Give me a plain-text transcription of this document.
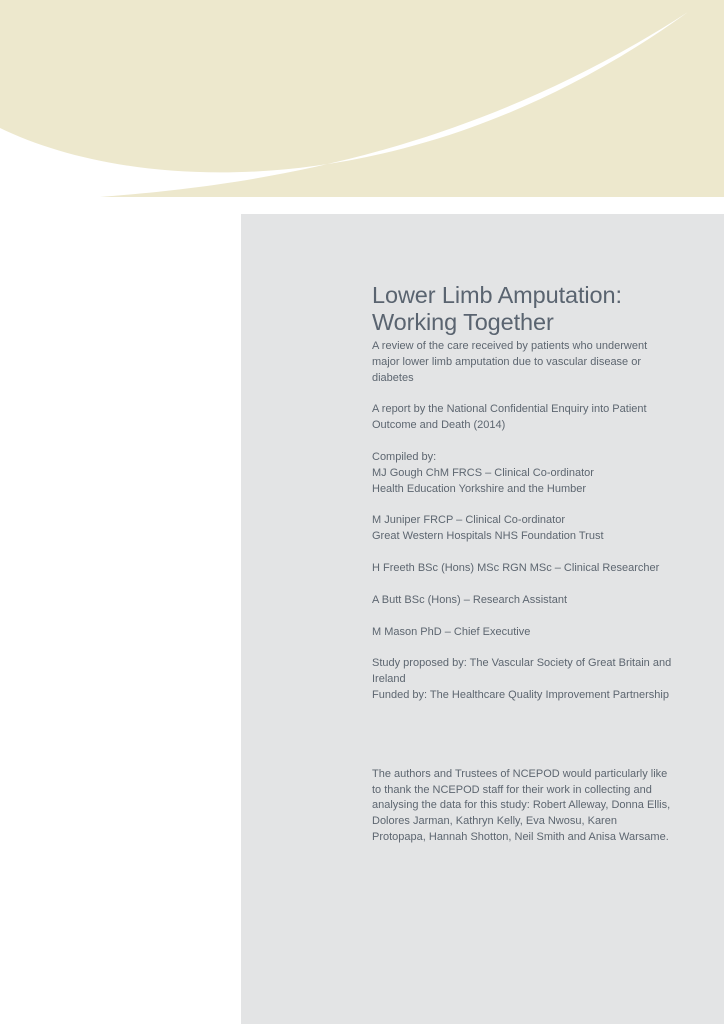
Lower Limb Amputation:
Working Together

A review of the care received by patients who underwent major lower limb amputation due to vascular disease or diabetes

A report by the National Confidential Enquiry into Patient Outcome and Death (2014)

Compiled by:
MJ Gough ChM FRCS – Clinical Co-ordinator
Health Education Yorkshire and the Humber

M Juniper FRCP – Clinical Co-ordinator
Great Western Hospitals NHS Foundation Trust

H Freeth BSc (Hons) MSc RGN MSc – Clinical Researcher

A Butt BSc (Hons) – Research Assistant

M Mason PhD – Chief Executive

Study proposed by: The Vascular Society of Great Britain and Ireland
Funded by: The Healthcare Quality Improvement Partnership

The authors and Trustees of NCEPOD would particularly like to thank the NCEPOD staff for their work in collecting and analysing the data for this study: Robert Alleway, Donna Ellis, Dolores Jarman, Kathryn Kelly, Eva Nwosu, Karen Protopapa, Hannah Shotton, Neil Smith and Anisa Warsame.
